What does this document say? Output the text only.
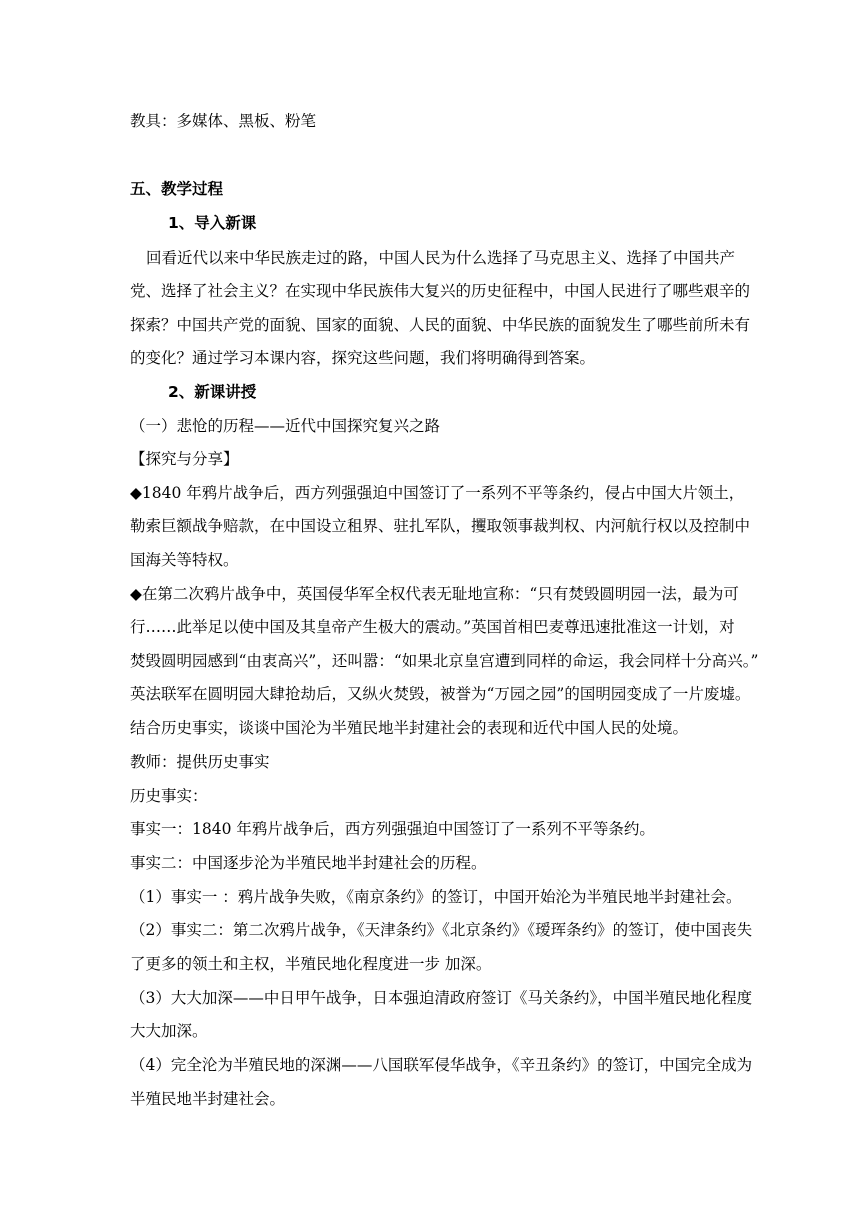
教具：多媒体、黑板、粉笔

五、教学过程

1、导入新课

回看近代以来中华民族走过的路，中国人民为什么选择了马克思主义、选择了中国共产

党、选择了社会主义？在实现中华民族伟大复兴的历史征程中，中国人民进行了哪些艰辛的

探索？中国共产党的面貌、国家的面貌、人民的面貌、中华民族的面貌发生了哪些前所未有

的变化？通过学习本课内容，探究这些问题，我们将明确得到答案。

2、新课讲授

（一）悲怆的历程——近代中国探究复兴之路

【探究与分享】

◆1840 年鸦片战争后，西方列强强迫中国签订了一系列不平等条约，侵占中国大片领土，

勒索巨额战争赔款，在中国设立租界、驻扎军队，攫取领事裁判权、内河航行权以及控制中

国海关等特权。

◆在第二次鸦片战争中，英国侵华军全权代表无耻地宣称：“只有焚毁圆明园一法，最为可

行……此举足以使中国及其皇帝产生极大的震动。”英国首相巴麦尊迅速批准这一计划，对

焚毁圆明园感到“由衷高兴”，还叫嚣：“如果北京皇宫遭到同样的命运，我会同样十分高兴。”

英法联军在圆明园大肆抢劫后，又纵火焚毁，被誉为“万园之园”的国明园变成了一片废墟。

结合历史事实，谈谈中国沦为半殖民地半封建社会的表现和近代中国人民的处境。

教师：提供历史事实

历史事实：

事实一：1840 年鸦片战争后，西方列强强迫中国签订了一系列不平等条约。

事实二：中国逐步沦为半殖民地半封建社会的历程。

（1）事实一 ：鸦片战争失败，《南京条约》的签订，中国开始沦为半殖民地半封建社会。

（2）事实二：第二次鸦片战争，《天津条约》《北京条约》《瑷珲条约》的签订，使中国丧失

了更多的领土和主权，半殖民地化程度进一步 加深。

（3）大大加深——中日甲午战争，日本强迫清政府签订《马关条约》，中国半殖民地化程度

大大加深。

（4）完全沦为半殖民地的深渊——八国联军侵华战争，《辛丑条约》的签订，中国完全成为

半殖民地半封建社会。
